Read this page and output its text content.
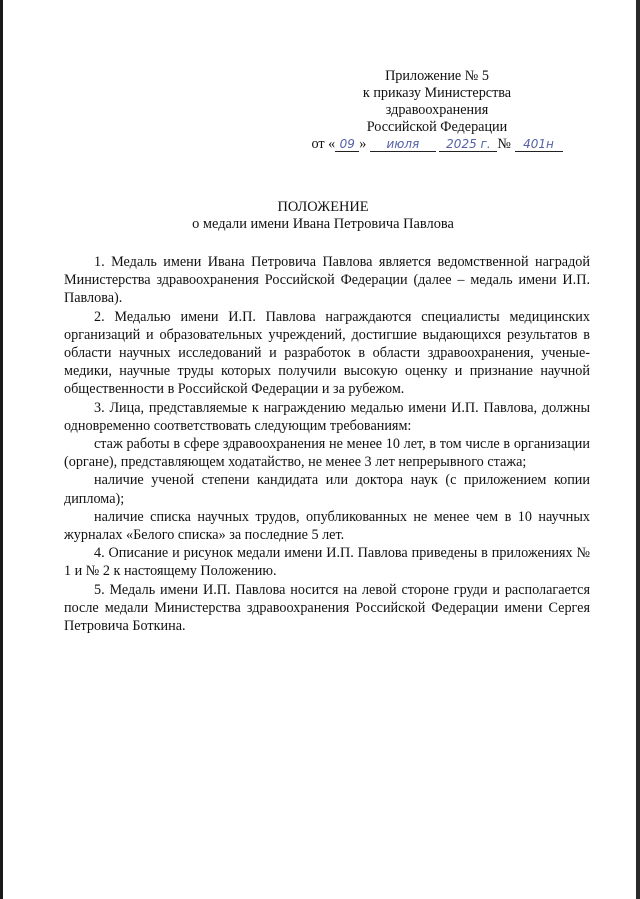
Приложение № 5
к приказу Министерства
здравоохранения
Российской Федерации
от « 09 » июля 2025 г. № 401н
ПОЛОЖЕНИЕ
о медали имени Ивана Петровича Павлова

1. Медаль имени Ивана Петровича Павлова является ведомственной наградой Министерства здравоохранения Российской Федерации (далее – медаль имени И.П. Павлова).

2. Медалью имени И.П. Павлова награждаются специалисты медицинских организаций и образовательных учреждений, достигшие выдающихся результатов в области научных исследований и разработок в области здравоохранения, ученые-медики, научные труды которых получили высокую оценку и признание научной общественности в Российской Федерации и за рубежом.

3. Лица, представляемые к награждению медалью имени И.П. Павлова, должны одновременно соответствовать следующим требованиям:

стаж работы в сфере здравоохранения не менее 10 лет, в том числе в организации (органе), представляющем ходатайство, не менее 3 лет непрерывного стажа;

наличие ученой степени кандидата или доктора наук (с приложением копии диплома);

наличие списка научных трудов, опубликованных не менее чем в 10 научных журналах «Белого списка» за последние 5 лет.

4. Описание и рисунок медали имени И.П. Павлова приведены в приложениях № 1 и № 2 к настоящему Положению.

5. Медаль имени И.П. Павлова носится на левой стороне груди и располагается после медали Министерства здравоохранения Российской Федерации имени Сергея Петровича Боткина.
